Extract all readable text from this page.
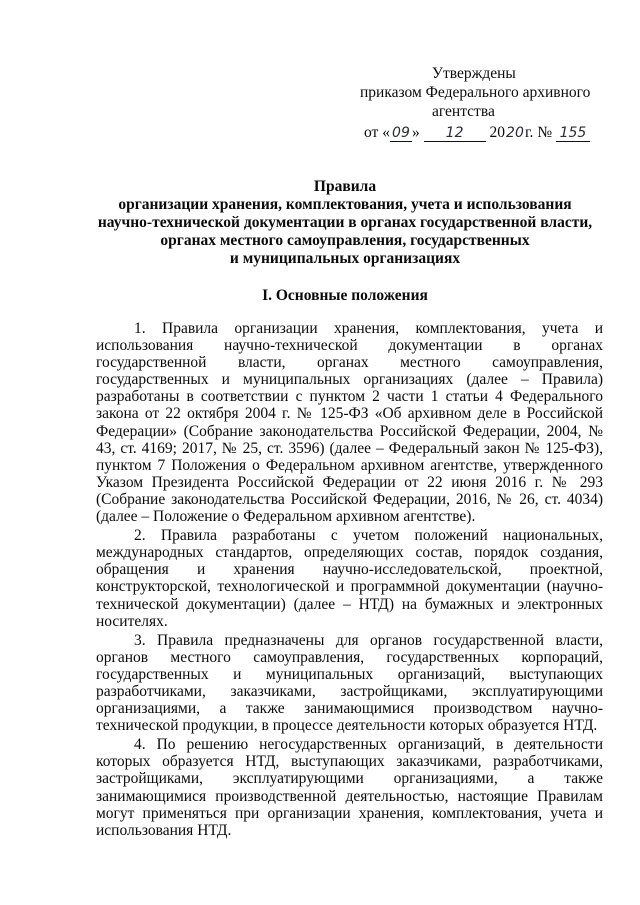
Утверждены
приказом Федерального архивного
агентства
от « 09 » 12 2020г. № 155
Правила
организации хранения, комплектования, учета и использования
научно-технической документации в органах государственной власти,
органах местного самоуправления, государственных
и муниципальных организациях
I. Основные положения

1. Правила организации хранения, комплектования, учета и использования научно-технической документации в органах государственной власти, органах местного самоуправления, государственных и муниципальных организациях (далее – Правила) разработаны в соответствии с пунктом 2 части 1 статьи 4 Федерального закона от 22 октября 2004 г. № 125-ФЗ «Об архивном деле в Российской Федерации» (Собрание законодательства Российской Федерации, 2004, № 43, ст. 4169; 2017, № 25, ст. 3596) (далее – Федеральный закон № 125-ФЗ), пунктом 7 Положения о Федеральном архивном агентстве, утвержденного Указом Президента Российской Федерации от 22 июня 2016 г. № 293 (Собрание законодательства Российской Федерации, 2016, № 26, ст. 4034) (далее – Положение о Федеральном архивном агентстве).

2. Правила разработаны с учетом положений национальных, международных стандартов, определяющих состав, порядок создания, обращения и хранения научно-исследовательской, проектной, конструкторской, технологической и программной документации (научно-технической документации) (далее – НТД) на бумажных и электронных носителях.

3. Правила предназначены для органов государственной власти, органов местного самоуправления, государственных корпораций, государственных и муниципальных организаций, выступающих разработчиками, заказчиками, застройщиками, эксплуатирующими организациями, а также занимающимися производством научно-технической продукции, в процессе деятельности которых образуется НТД.

4. По решению негосударственных организаций, в деятельности которых образуется НТД, выступающих заказчиками, разработчиками, застройщиками, эксплуатирующими организациями, а также занимающимися производственной деятельностью, настоящие Правилам могут применяться при организации хранения, комплектования, учета и использования НТД.
